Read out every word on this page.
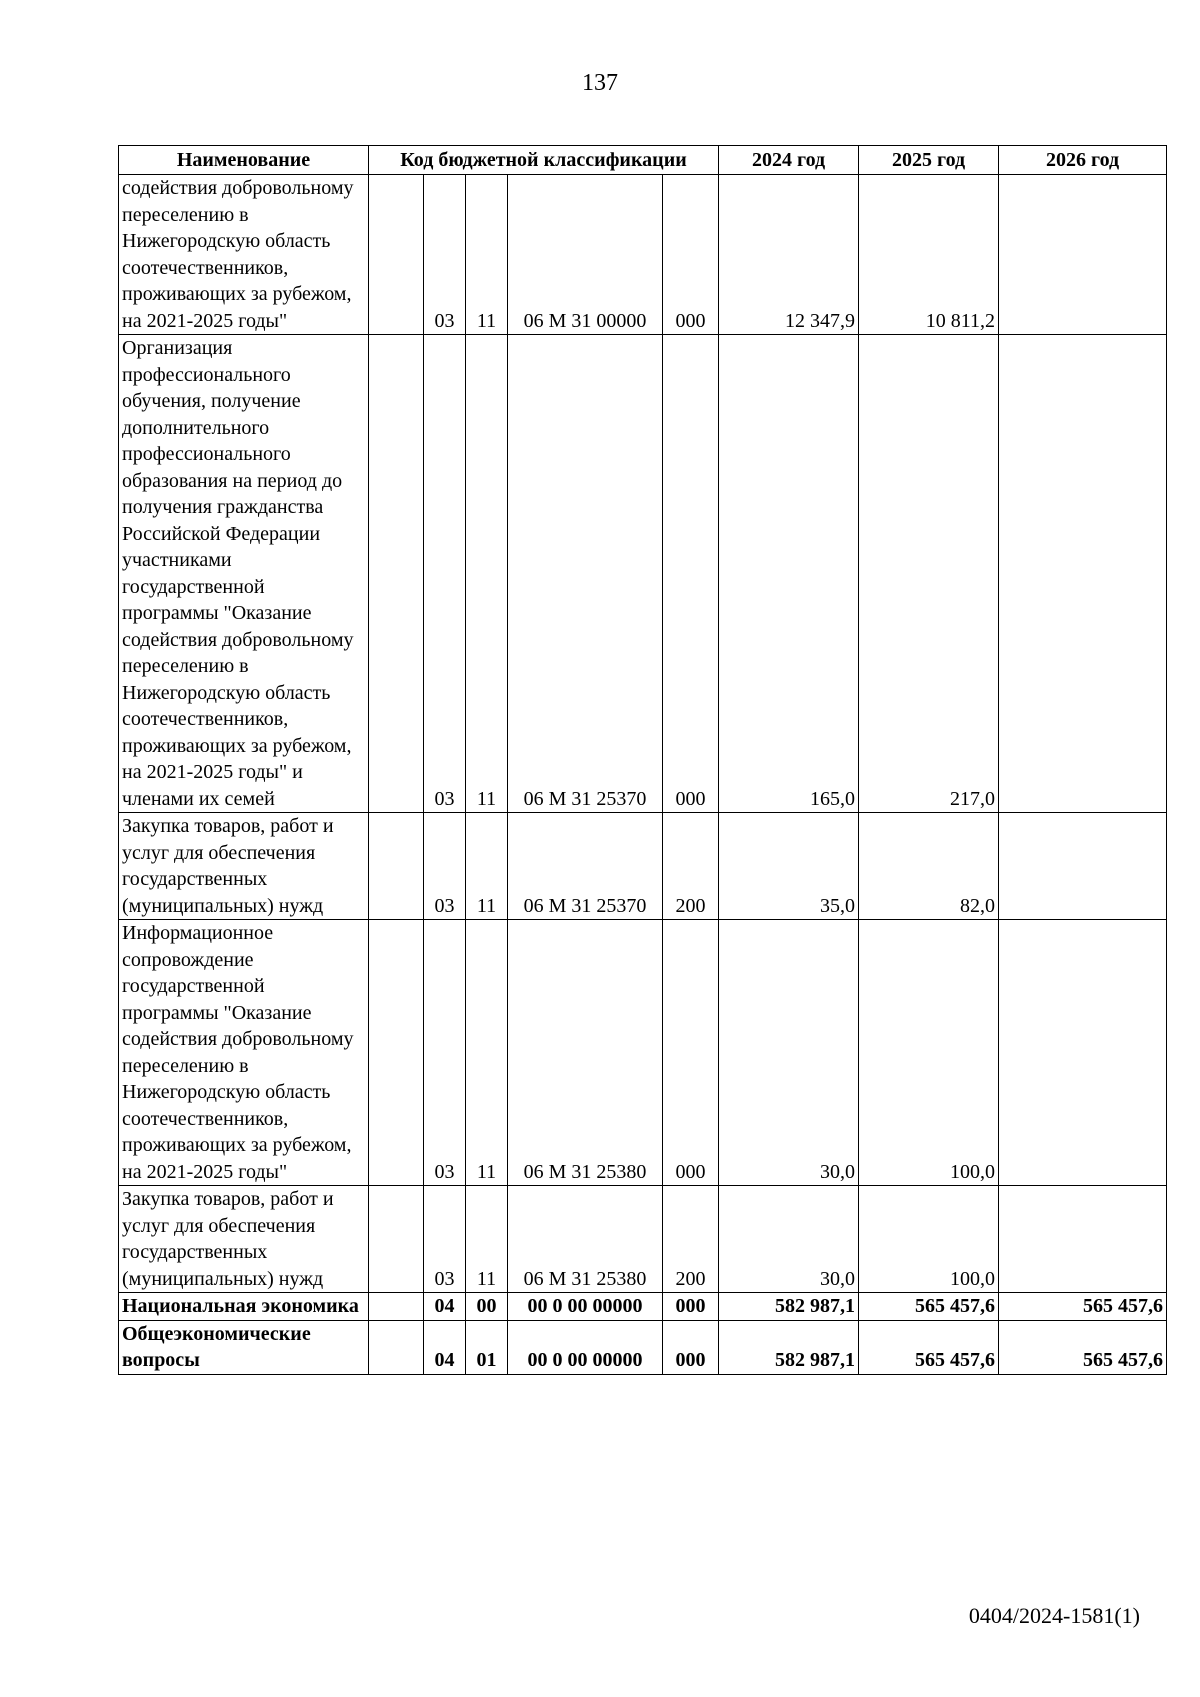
137
Наименование	Код бюджетной классификации					2024 год	2025 год	2026 год
содействия добровольному переселению в Нижегородскую область соотечественников, проживающих за рубежом, на 2021-2025 годы"		03	11	06 М 31 00000	000	12 347,9	10 811,2	
Организация профессионального обучения, получение дополнительного профессионального образования на период до получения гражданства Российской Федерации участниками государственной программы "Оказание содействия добровольному переселению в Нижегородскую область соотечественников, проживающих за рубежом, на 2021-2025 годы" и членами их семей		03	11	06 М 31 25370	000	165,0	217,0	
Закупка товаров, работ и услуг для обеспечения государственных (муниципальных) нужд		03	11	06 М 31 25370	200	35,0	82,0	
Информационное сопровождение государственной программы "Оказание содействия добровольному переселению в Нижегородскую область соотечественников, проживающих за рубежом, на 2021-2025 годы"		03	11	06 М 31 25380	000	30,0	100,0	
Закупка товаров, работ и услуг для обеспечения государственных (муниципальных) нужд		03	11	06 М 31 25380	200	30,0	100,0	
Национальная экономика		04	00	00 0 00 00000	000	582 987,1	565 457,6	565 457,6
Общеэкономические вопросы		04	01	00 0 00 00000	000	582 987,1	565 457,6	565 457,6
0404/2024-1581(1)
